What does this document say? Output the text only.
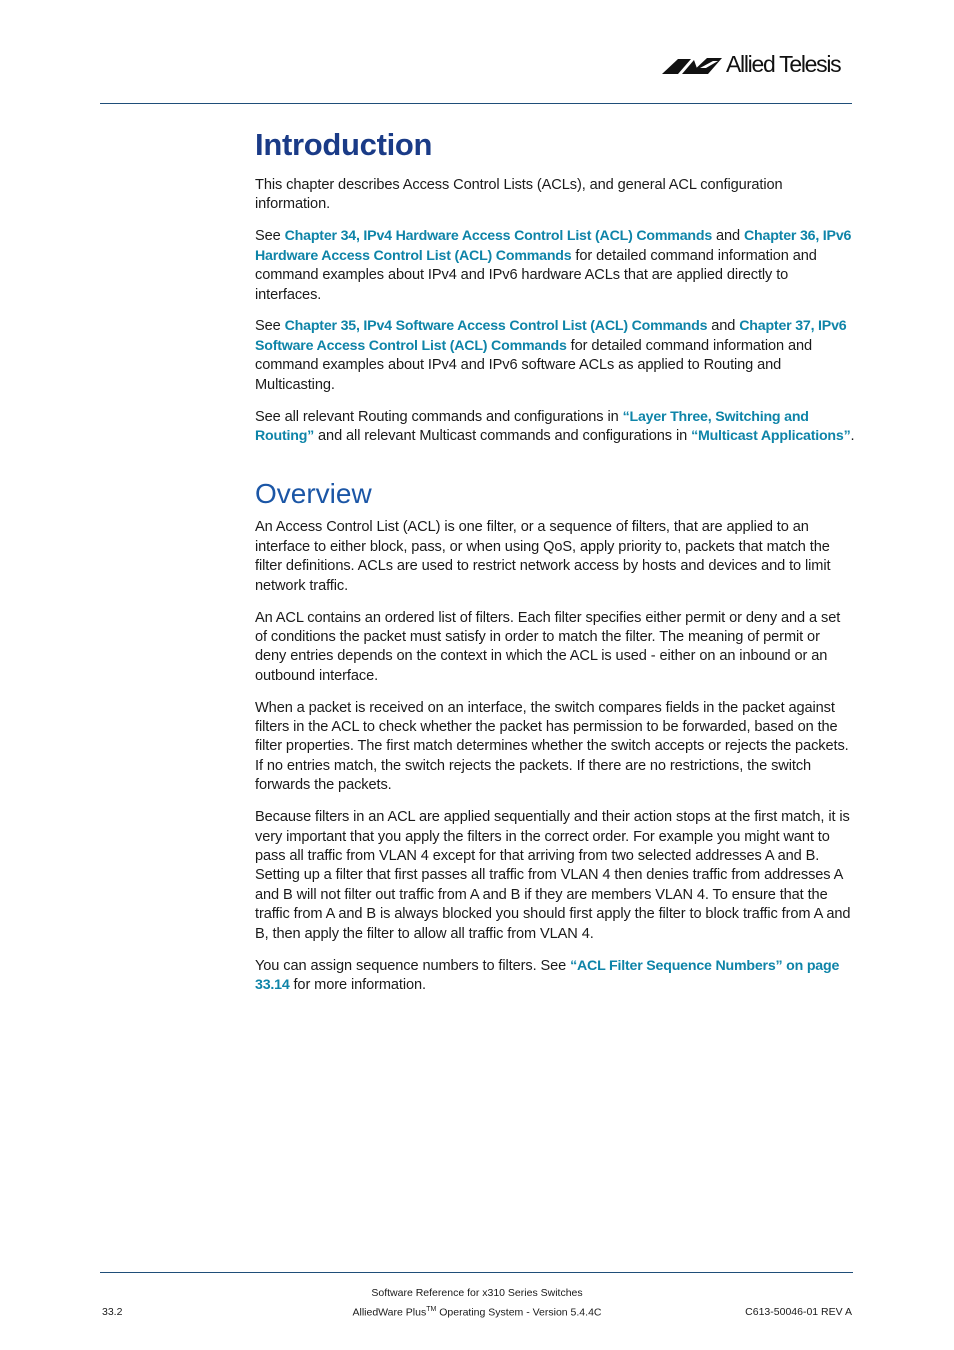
Allied Telesis
Introduction

This chapter describes Access Control Lists (ACLs), and general ACL configuration information.

See Chapter 34, IPv4 Hardware Access Control List (ACL) Commands and Chapter 36, IPv6 Hardware Access Control List (ACL) Commands for detailed command information and command examples about IPv4 and IPv6 hardware ACLs that are applied directly to interfaces.

See Chapter 35, IPv4 Software Access Control List (ACL) Commands and Chapter 37, IPv6 Software Access Control List (ACL) Commands for detailed command information and command examples about IPv4 and IPv6 software ACLs as applied to Routing and Multicasting.

See all relevant Routing commands and configurations in “Layer Three, Switching and Routing” and all relevant Multicast commands and configurations in “Multicast Applications”.

Overview

An Access Control List (ACL) is one filter, or a sequence of filters, that are applied to an interface to either block, pass, or when using QoS, apply priority to, packets that match the filter definitions. ACLs are used to restrict network access by hosts and devices and to limit network traffic.

An ACL contains an ordered list of filters. Each filter specifies either permit or deny and a set of conditions the packet must satisfy in order to match the filter. The meaning of permit or deny entries depends on the context in which the ACL is used - either on an inbound or an outbound interface.

When a packet is received on an interface, the switch compares fields in the packet against filters in the ACL to check whether the packet has permission to be forwarded, based on the filter properties. The first match determines whether the switch accepts or rejects the packets. If no entries match, the switch rejects the packets. If there are no restrictions, the switch forwards the packets.

Because filters in an ACL are applied sequentially and their action stops at the first match, it is very important that you apply the filters in the correct order. For example you might want to pass all traffic from VLAN 4 except for that arriving from two selected addresses A and B. Setting up a filter that first passes all traffic from VLAN 4 then denies traffic from addresses A and B will not filter out traffic from A and B if they are members VLAN 4. To ensure that the traffic from A and B is always blocked you should first apply the filter to block traffic from A and B, then apply the filter to allow all traffic from VLAN 4.

You can assign sequence numbers to filters. See “ACL Filter Sequence Numbers” on page 33.14 for more information.

Software Reference for x310 Series Switches
33.2	AlliedWare Plus™ Operating System - Version 5.4.4C	C613-50046-01 REV A
